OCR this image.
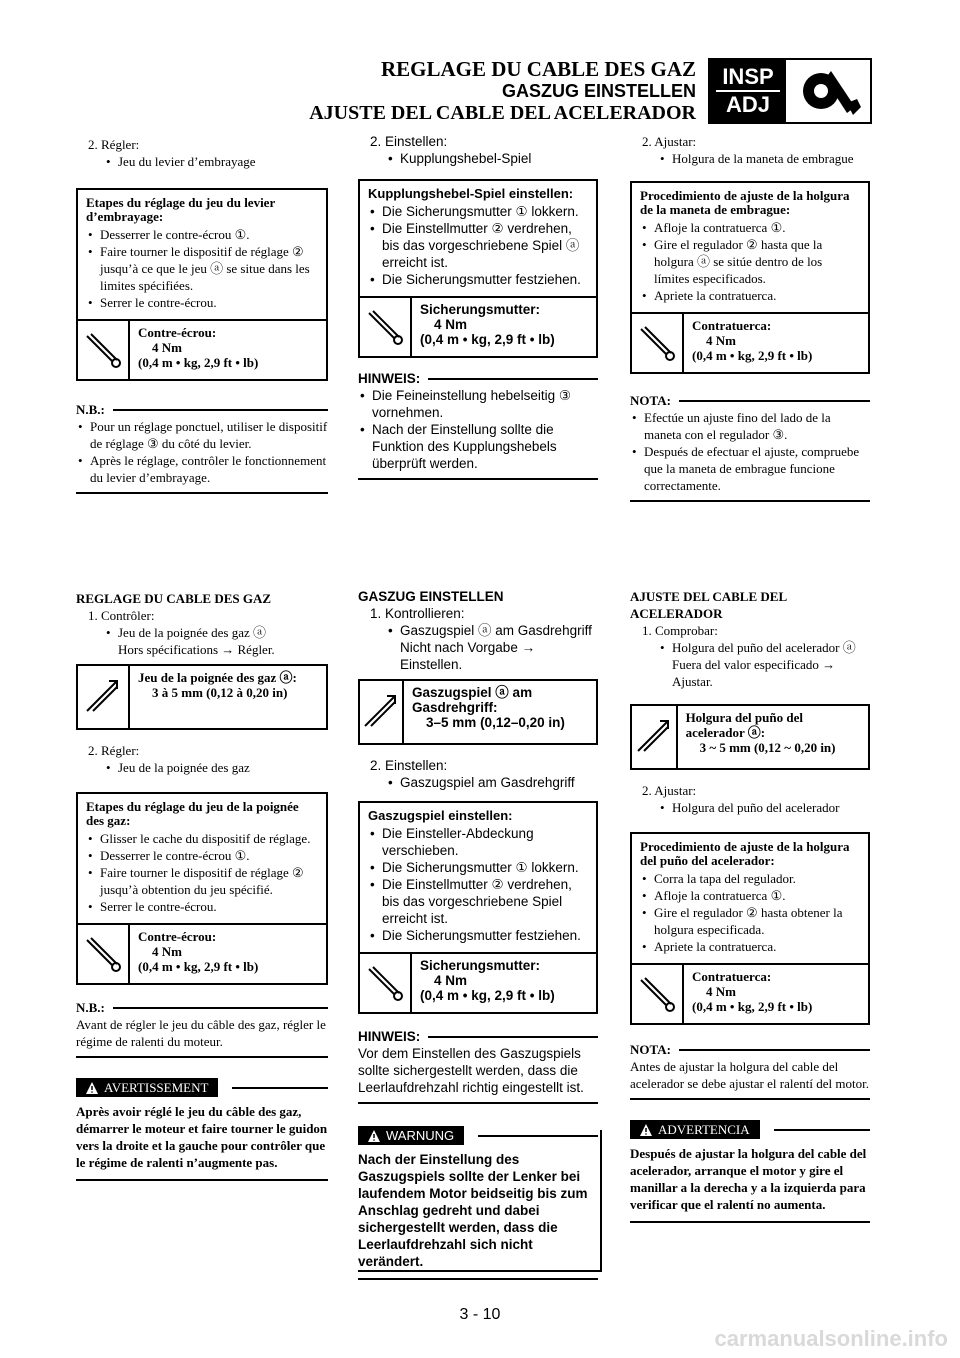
REGLAGE DU CABLE DES GAZ
GASZUG EINSTELLEN
AJUSTE DEL CABLE DEL ACELERADOR
INSP
ADJ
2. Régler:
• Jeu du levier d’embrayage
Etapes du réglage du jeu du levier d’embrayage:
• Desserrer le contre-écrou ①.
• Faire tourner le dispositif de réglage ② jusqu’à ce que le jeu ⓐ se situe dans les limites spécifiées.
• Serrer le contre-écrou.
Contre-écrou:
4 Nm
(0,4 m • kg, 2,9 ft • lb)
N.B.:
• Pour un réglage ponctuel, utiliser le dispositif de réglage ③ du côté du levier.
• Après le réglage, contrôler le fonctionnement du levier d’embrayage.
2. Einstellen:
• Kupplungshebel-Spiel
Kupplungshebel-Spiel einstellen:
• Die Sicherungsmutter ① lokkern.
• Die Einstellmutter ② verdrehen, bis das vorgeschriebene Spiel ⓐ erreicht ist.
• Die Sicherungsmutter festziehen.
Sicherungsmutter:
4 Nm
(0,4 m • kg, 2,9 ft • lb)
HINWEIS:
• Die Feineinstellung hebelseitig ③ vornehmen.
• Nach der Einstellung sollte die Funktion des Kupplungshebels überprüft werden.
2. Ajustar:
• Holgura de la maneta de embrague
Procedimiento de ajuste de la holgura de la maneta de embrague:
• Afloje la contratuerca ①.
• Gire el regulador ② hasta que la holgura ⓐ se sitúe dentro de los límites especificados.
• Apriete la contratuerca.
Contratuerca:
4 Nm
(0,4 m • kg, 2,9 ft • lb)
NOTA:
• Efectúe un ajuste fino del lado de la maneta con el regulador ③.
• Después de efectuar el ajuste, compruebe que la maneta de embrague funcione correctamente.
REGLAGE DU CABLE DES GAZ
1. Contrôler:
• Jeu de la poignée des gaz ⓐ
Hors spécifications → Régler.
Jeu de la poignée des gaz ⓐ:
3 à 5 mm (0,12 à 0,20 in)
2. Régler:
• Jeu de la poignée des gaz
Etapes du réglage du jeu de la poignée des gaz:
• Glisser le cache du dispositif de réglage.
• Desserrer le contre-écrou ①.
• Faire tourner le dispositif de réglage ② jusqu’à obtention du jeu spécifié.
• Serrer le contre-écrou.
Contre-écrou:
4 Nm
(0,4 m • kg, 2,9 ft • lb)
N.B.:
Avant de régler le jeu du câble des gaz, régler le régime de ralenti du moteur.
AVERTISSEMENT
Après avoir réglé le jeu du câble des gaz, démarrer le moteur et faire tourner le guidon vers la droite et la gauche pour contrôler que le régime de ralenti n’augmente pas.
GASZUG EINSTELLEN
1. Kontrollieren:
• Gaszugspiel ⓐ am Gasdrehgriff
Nicht nach Vorgabe → Einstellen.
Gaszugspiel ⓐ am Gasdrehgriff:
3–5 mm (0,12–0,20 in)
2. Einstellen:
• Gaszugspiel am Gasdrehgriff
Gaszugspiel einstellen:
• Die Einsteller-Abdeckung verschieben.
• Die Sicherungsmutter ① lokkern.
• Die Einstellmutter ② verdrehen, bis das vorgeschriebene Spiel erreicht ist.
• Die Sicherungsmutter festziehen.
Sicherungsmutter:
4 Nm
(0,4 m • kg, 2,9 ft • lb)
HINWEIS:
Vor dem Einstellen des Gaszugspiels sollte sichergestellt werden, dass die Leerlaufdrehzahl richtig eingestellt ist.
WARNUNG
Nach der Einstellung des Gaszugspiels sollte der Lenker bei laufendem Motor beidseitig bis zum Anschlag gedreht und dabei sichergestellt werden, dass die Leerlaufdrehzahl sich nicht verändert.
AJUSTE DEL CABLE DEL ACELERADOR
1. Comprobar:
• Holgura del puño del acelerador ⓐ
Fuera del valor especificado → Ajustar.
Holgura del puño del acelerador ⓐ:
3 ~ 5 mm (0,12 ~ 0,20 in)
2. Ajustar:
• Holgura del puño del acelerador
Procedimiento de ajuste de la holgura del puño del acelerador:
• Corra la tapa del regulador.
• Afloje la contratuerca ①.
• Gire el regulador ② hasta obtener la holgura especificada.
• Apriete la contratuerca.
Contratuerca:
4 Nm
(0,4 m • kg, 2,9 ft • lb)
NOTA:
Antes de ajustar la holgura del cable del acelerador se debe ajustar el ralentí del motor.
ADVERTENCIA
Después de ajustar la holgura del cable del acelerador, arranque el motor y gire el manillar a la derecha y a la izquierda para verificar que el ralentí no aumenta.
3 - 10
carmanualsonline.info
